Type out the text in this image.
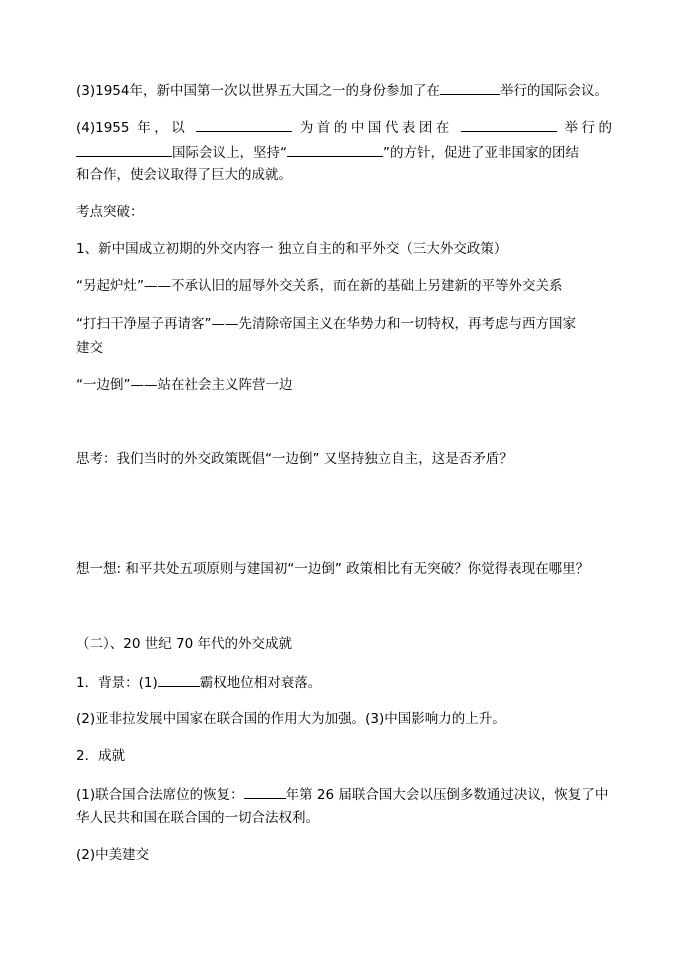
(3)1954年，新中国第一次以世界五大国之一的身份参加了在	举行的国际会议。
(4)1955 年，以	为首的中国代表团在	举行的
国际会议上，坚持“	”的方针，促进了亚非国家的团结
和合作，使会议取得了巨大的成就。
考点突破：
1、新中国成立初期的外交内容一 独立自主的和平外交（三大外交政策）
“另起炉灶”——不承认旧的屈辱外交关系，而在新的基础上另建新的平等外交关系
“打扫干净屋子再请客”——先清除帝国主义在华势力和一切特权，再考虑与西方国家
建交
“一边倒”——站在社会主义阵营一边
思考：我们当时的外交政策既倡“一边倒” 又坚持独立自主，这是否矛盾？
想一想: 和平共处五项原则与建国初“一边倒” 政策相比有无突破？你觉得表现在哪里？
（二）、20 世纪 70 年代的外交成就
1．背景：(1)	霸权地位相对衰落。
(2)亚非拉发展中国家在联合国的作用大为加强。(3)中国影响力的上升。
2．成就
(1)联合国合法席位的恢复：	年第 26 届联合国大会以压倒多数通过决议，恢复了中
华人民共和国在联合国的一切合法权利。
(2)中美建交
